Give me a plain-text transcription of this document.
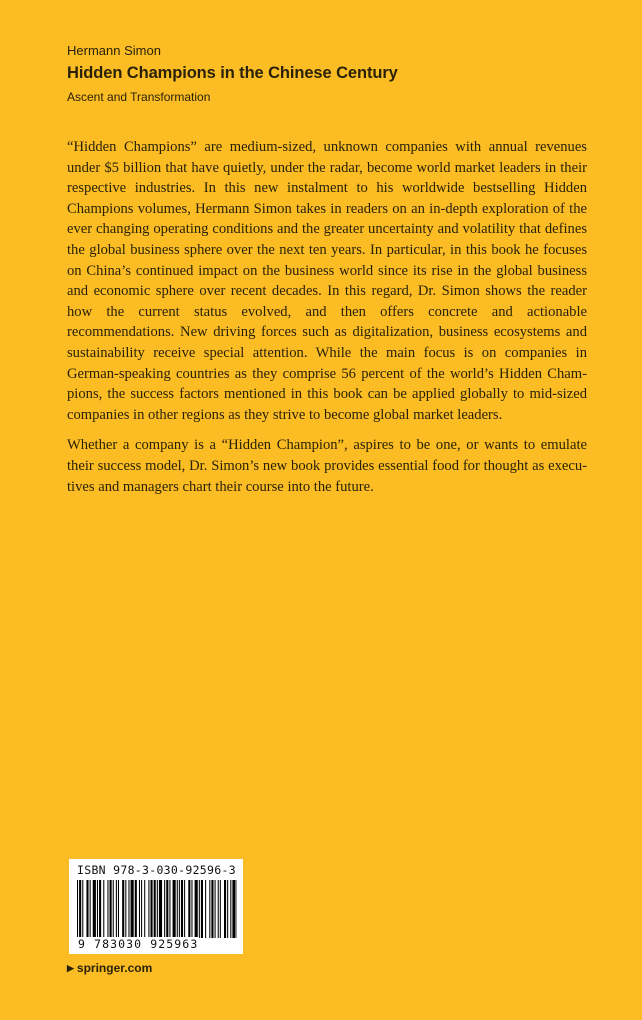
Hermann Simon
Hidden Champions in the Chinese Century
Ascent and Transformation

“Hidden Champions” are medium-sized, unknown companies with annual revenues under $5 billion that have quietly, under the radar, become world market leaders in their respective industries. In this new instalment to his worldwide bestselling Hidden Champions volumes, Hermann Simon takes in readers on an in-depth exploration of the ever changing operating conditions and the greater uncertainty and volatility that defines the global business sphere over the next ten years. In particular, in this book he focuses on China’s continued impact on the business world since its rise in the global business and economic sphere over recent decades. In this regard, Dr. Simon shows the reader how the current status evolved, and then offers concrete and actionable recommendations. New driving forces such as digitalization, business ecosystems and sustainability receive special attention. While the main focus is on companies in German-speaking countries as they comprise 56 percent of the world’s Hidden Champions, the success factors mentioned in this book can be applied globally to mid-sized companies in other regions as they strive to become global market leaders.

Whether a company is a “Hidden Champion”, aspires to be one, or wants to emulate their success model, Dr. Simon’s new book provides essential food for thought as executives and managers chart their course into the future.

ISBN 978-3-030-92596-3
9 783030 925963
▶ springer.com
